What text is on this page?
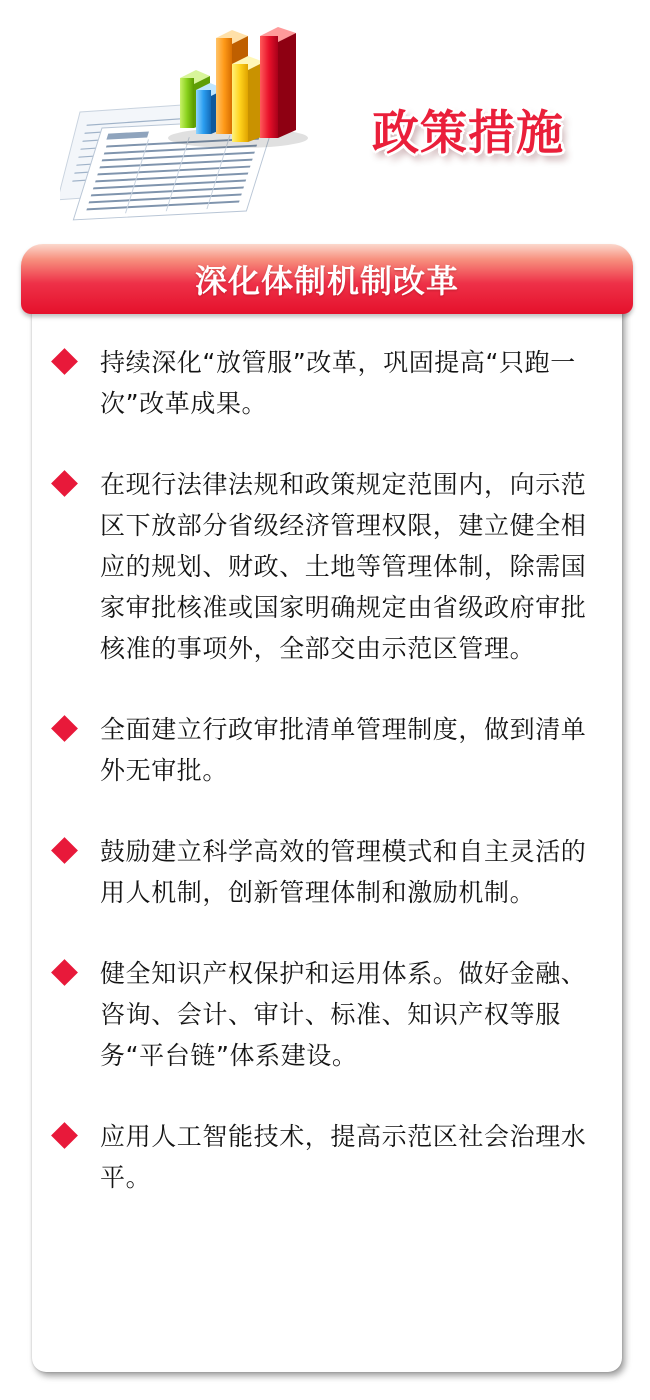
政策措施
深化体制机制改革
持续深化“放管服”改革，巩固提高“只跑一次”改革成果。
在现行法律法规和政策规定范围内，向示范区下放部分省级经济管理权限，建立健全相应的规划、财政、土地等管理体制，除需国家审批核准或国家明确规定由省级政府审批核准的事项外，全部交由示范区管理。
全面建立行政审批清单管理制度，做到清单外无审批。
鼓励建立科学高效的管理模式和自主灵活的用人机制，创新管理体制和激励机制。
健全知识产权保护和运用体系。做好金融、咨询、会计、审计、标准、知识产权等服务“平台链”体系建设。
应用人工智能技术，提高示范区社会治理水平。
